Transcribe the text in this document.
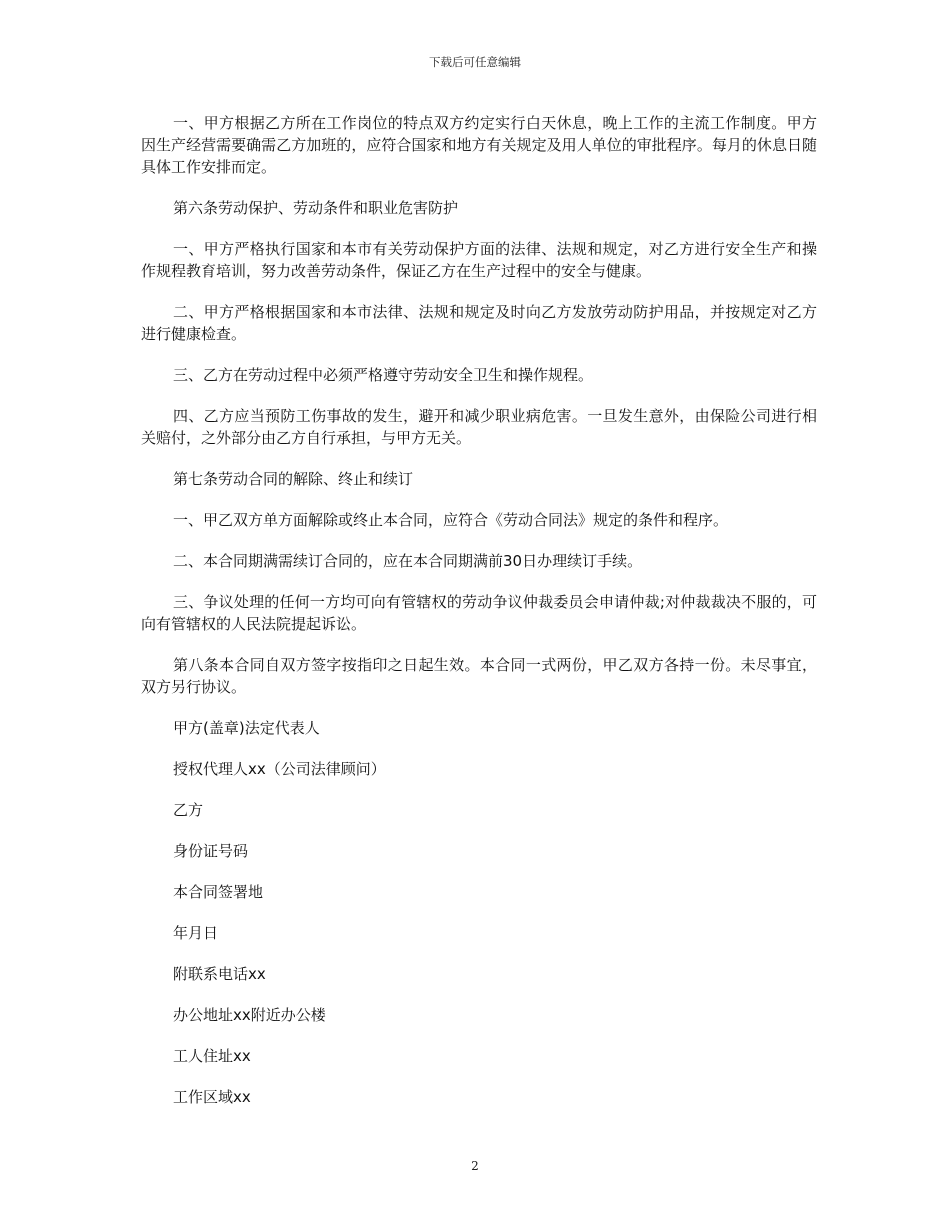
下载后可任意编辑

一、甲方根据乙方所在工作岗位的特点双方约定实行白天休息，晚上工作的主流工作制度。甲方因生产经营需要确需乙方加班的，应符合国家和地方有关规定及用人单位的审批程序。每月的休息日随具体工作安排而定。

第六条劳动保护、劳动条件和职业危害防护

一、甲方严格执行国家和本市有关劳动保护方面的法律、法规和规定，对乙方进行安全生产和操作规程教育培训，努力改善劳动条件，保证乙方在生产过程中的安全与健康。

二、甲方严格根据国家和本市法律、法规和规定及时向乙方发放劳动防护用品，并按规定对乙方进行健康检查。

三、乙方在劳动过程中必须严格遵守劳动安全卫生和操作规程。

四、乙方应当预防工伤事故的发生，避开和减少职业病危害。一旦发生意外，由保险公司进行相关赔付，之外部分由乙方自行承担，与甲方无关。

第七条劳动合同的解除、终止和续订

一、甲乙双方单方面解除或终止本合同，应符合《劳动合同法》规定的条件和程序。

二、本合同期满需续订合同的，应在本合同期满前30日办理续订手续。

三、争议处理的任何一方均可向有管辖权的劳动争议仲裁委员会申请仲裁;对仲裁裁决不服的，可向有管辖权的人民法院提起诉讼。

第八条本合同自双方签字按指印之日起生效。本合同一式两份，甲乙双方各持一份。未尽事宜，双方另行协议。

甲方(盖章)法定代表人

授权代理人xx（公司法律顾问）

乙方

身份证号码

本合同签署地

年月日

附联系电话xx

办公地址xx附近办公楼

工人住址xx

工作区域xx

2
